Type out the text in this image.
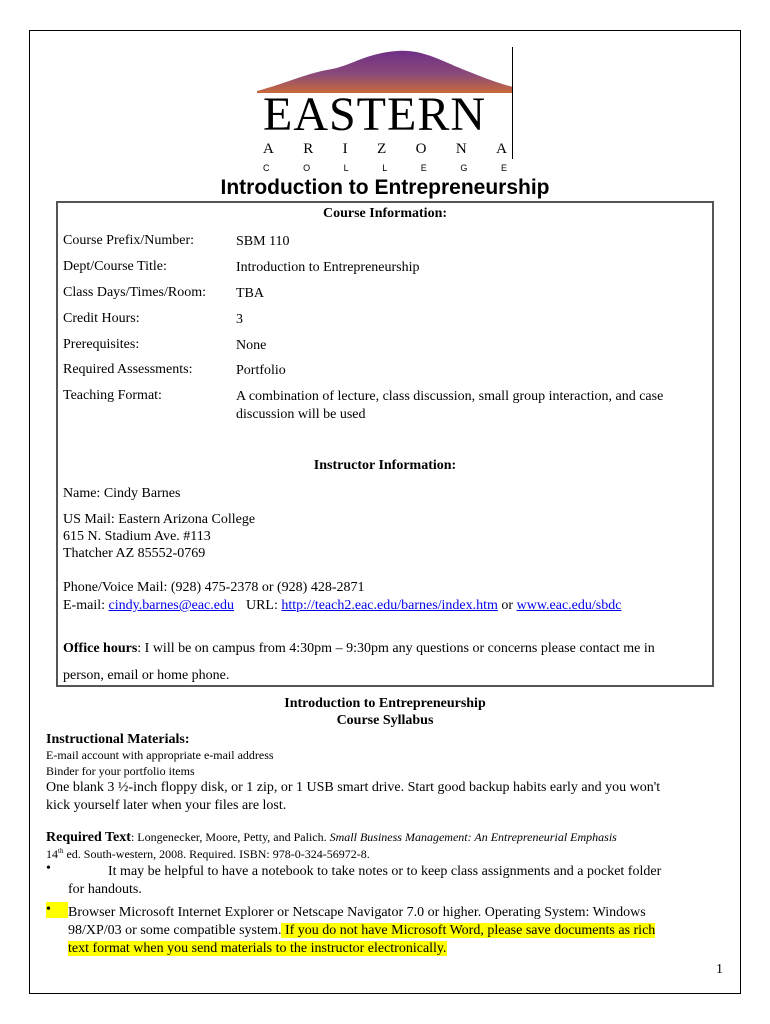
EASTERN
A R I Z O N A
C	O	L	L	E	G	E
Introduction to Entrepreneurship
Course Information:
Course Prefix/Number:	SBM 110
Dept/Course Title:	Introduction to Entrepreneurship
Class Days/Times/Room: TBA
Credit Hours:	3
Prerequisites:	None
Required Assessments:	Portfolio
Teaching Format:	A combination of lecture, class discussion, small group interaction, and case discussion will be used
Instructor Information:
Name: Cindy Barnes
US Mail: Eastern Arizona College
615 N. Stadium Ave. #113
Thatcher AZ 85552-0769
Phone/Voice Mail: (928) 475-2378 or (928) 428-2871
E-mail: cindy.barnes@eac.edu URL: http://teach2.eac.edu/barnes/index.htm or www.eac.edu/sbdc
Office hours: I will be on campus from 4:30pm – 9:30pm any questions or concerns please contact me in
person, email or home phone.
Introduction to Entrepreneurship
Course Syllabus
Instructional Materials:
E-mail account with appropriate e-mail address
Binder for your portfolio items
One blank 3 ½-inch floppy disk, or 1 zip, or 1 USB smart drive. Start good backup habits early and you won't
kick yourself later when your files are lost.
Required Text: Longenecker, Moore, Petty, and Palich. Small Business Management: An Entrepreneurial Emphasis
14th ed. South-western, 2008. Required. ISBN: 978-0-324-56972-8.
•	It may be helpful to have a notebook to take notes or to keep class assignments and a pocket folder
for handouts.
•	Browser Microsoft Internet Explorer or Netscape Navigator 7.0 or higher. Operating System: Windows
98/XP/03 or some compatible system. If you do not have Microsoft Word, please save documents as rich
text format when you send materials to the instructor electronically.
1
